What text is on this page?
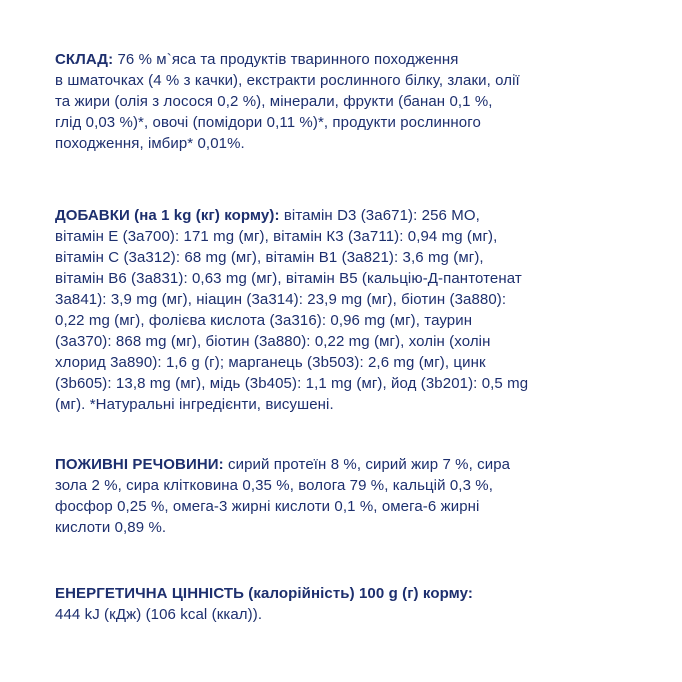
СКЛАД: 76 % м`яса та продуктів тваринного походження
в шматочках (4 % з качки), екстракти рослинного білку, злаки, олії
та жири (олія з лосося 0,2 %), мінерали, фрукти (банан 0,1 %,
глід 0,03 %)*, овочі (помідори 0,11 %)*, продукти рослинного
походження, імбир* 0,01%.
ДОБАВКИ (на 1 kg (кг) корму): вітамін D3 (3a671): 256 МО,
вітамін Е (3a700): 171 mg (мг), вітамін К3 (3a711): 0,94 mg (мг),
вітамін С (3a312): 68 mg (мг), вітамін В1 (3a821): 3,6 mg (мг),
вітамін В6 (3a831): 0,63 mg (мг), вітамін В5 (кальцію-Д-пантотенат
3a841): 3,9 mg (мг), ніацин (3a314): 23,9 mg (мг), біотин (3a880):
0,22 mg (мг), фолієва кислота (3a316): 0,96 mg (мг), таурин
(3a370): 868 mg (мг), біотин (3a880): 0,22 mg (мг), холін (холін
хлорид 3a890): 1,6 g (г); марганець (3b503): 2,6 mg (мг), цинк
(3b605): 13,8 mg (мг), мідь (3b405): 1,1 mg (мг), йод (3b201): 0,5 mg
(мг). *Натуральні інгредієнти, висушені.
ПОЖИВНІ РЕЧОВИНИ: сирий протеїн 8 %, сирий жир 7 %, сира
зола 2 %, сира клітковина 0,35 %, волога 79 %, кальцій 0,3 %,
фосфор 0,25 %, омега-3 жирні кислоти 0,1 %, омега-6 жирні
кислоти 0,89 %.
ЕНЕРГЕТИЧНА ЦІННІСТЬ (калорійність) 100 g (г) корму:
444 kJ (кДж) (106 kcal (ккал)).
